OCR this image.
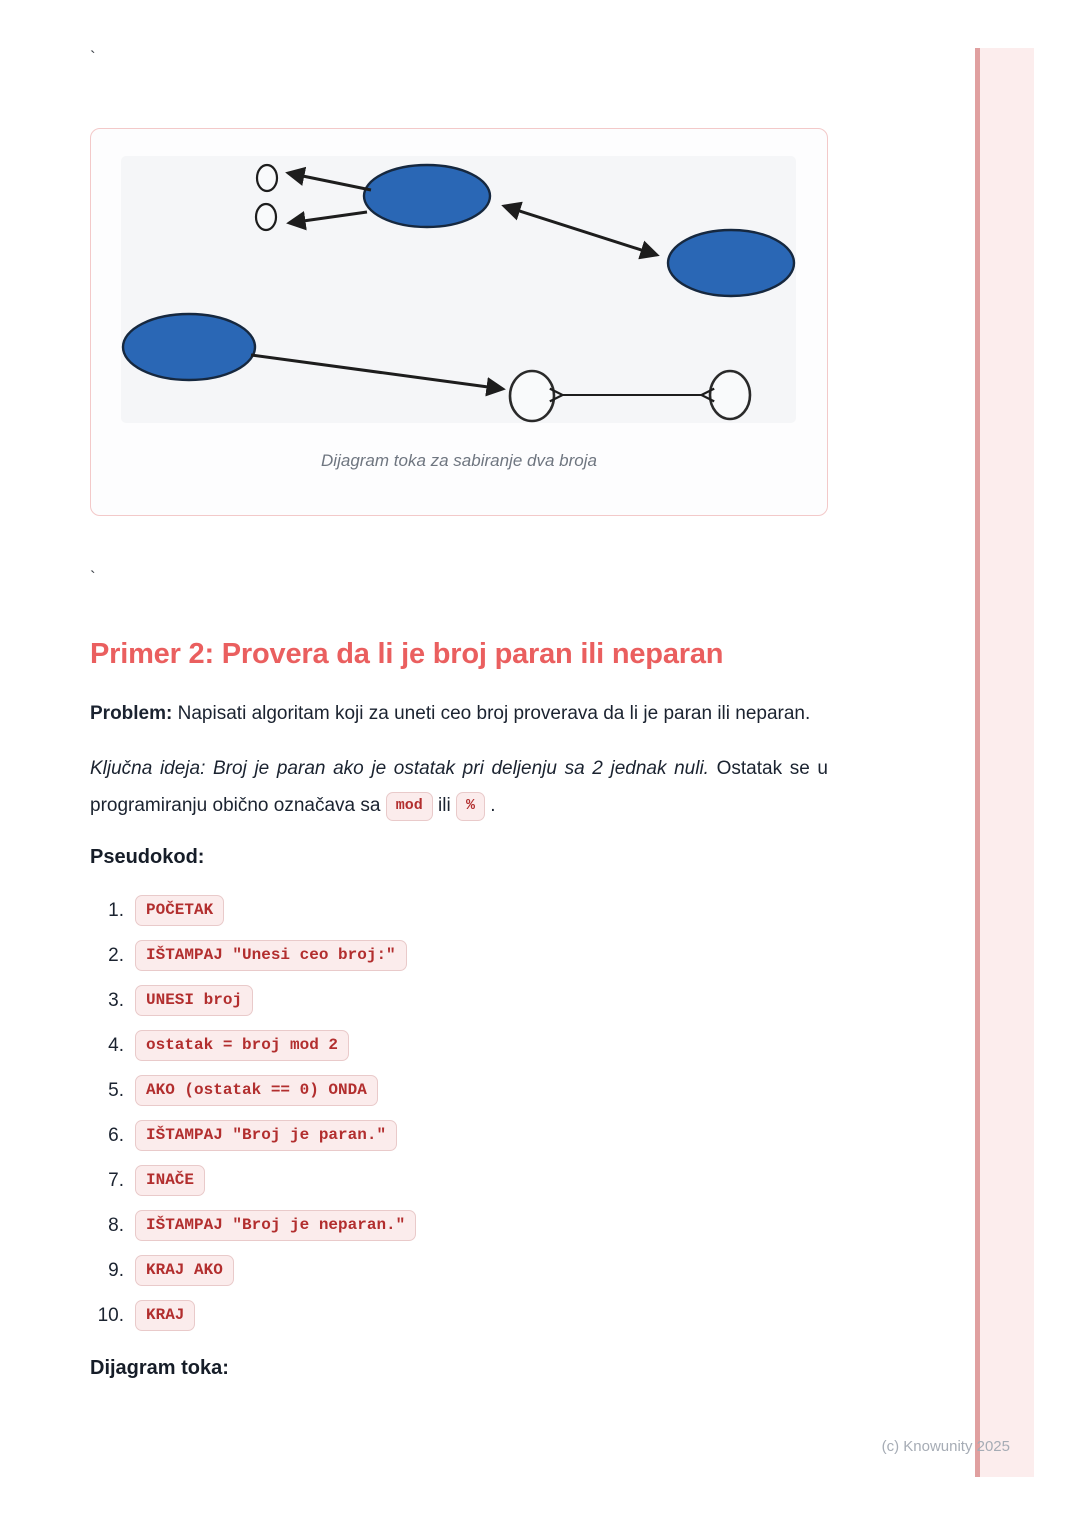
`
Dijagram toka za sabiranje dva broja
`
Primer 2: Provera da li je broj paran ili neparan

Problem: Napisati algoritam koji za uneti ceo broj proverava da li je paran ili neparan.

Ključna ideja: Broj je paran ako je ostatak pri deljenju sa 2 jednak nuli. Ostatak se u programiranju obično označava sa mod ili % .

Pseudokod:
1.	POČETAK
2.	IŠTAMPAJ "Unesi ceo broj:"
3.	UNESI broj
4.	ostatak = broj mod 2
5.	AKO (ostatak == 0) ONDA
6.	IŠTAMPAJ "Broj je paran."
7.	INAČE
8.	IŠTAMPAJ "Broj je neparan."
9.	KRAJ AKO
10.	KRAJ
Dijagram toka:
(c) Knowunity 2025
